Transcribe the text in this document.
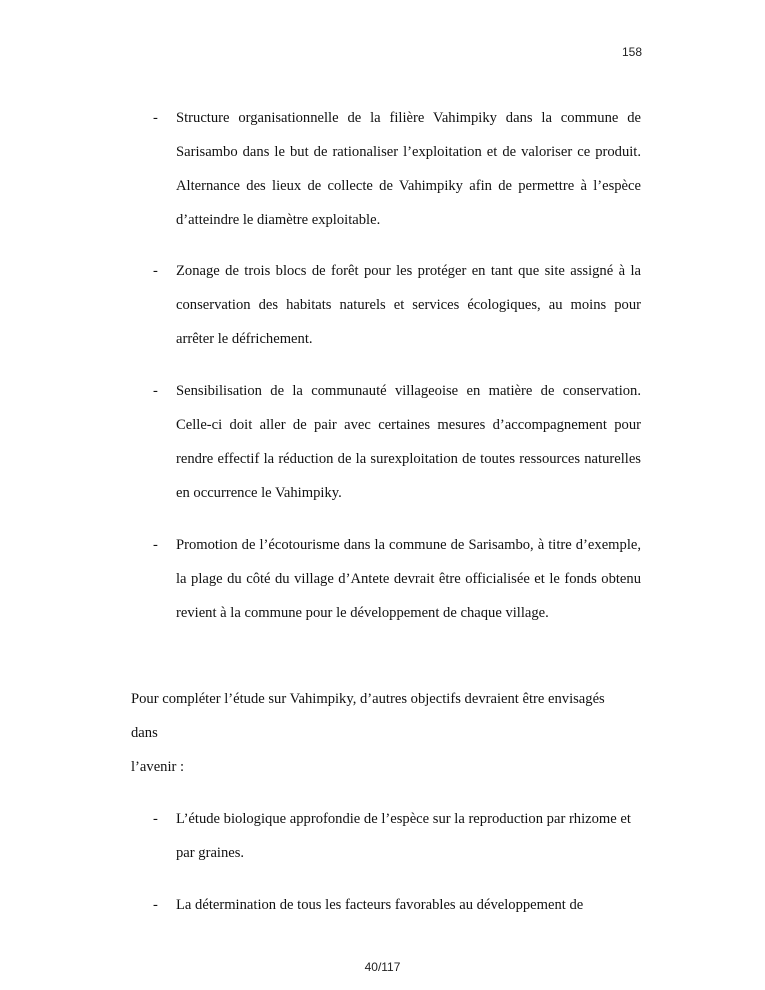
158
- Structure organisationnelle de la filière Vahimpiky dans la commune de Sarisambo dans le but de rationaliser l’exploitation et de valoriser ce produit. Alternance des lieux de collecte de Vahimpiky afin de permettre à l’espèce d’atteindre le diamètre exploitable.
- Zonage de trois blocs de forêt pour les protéger en tant que site assigné à la conservation des habitats naturels et services écologiques, au moins pour arrêter le défrichement.
- Sensibilisation de la communauté villageoise en matière de conservation. Celle-ci doit aller de pair avec certaines mesures d’accompagnement pour rendre effectif la réduction de la surexploitation de toutes ressources naturelles en occurrence le Vahimpiky.
- Promotion de l’écotourisme dans la commune de Sarisambo, à titre d’exemple, la plage du côté du village d’Antete devrait être officialisée et le fonds obtenu revient à la commune pour le développement de chaque village.
Pour compléter l’étude sur Vahimpiky, d’autres objectifs devraient être envisagés
dans
l’avenir :
- L’étude biologique approfondie de l’espèce sur la reproduction par rhizome et par graines.
- La détermination de tous les facteurs favorables au développement de
40/117
